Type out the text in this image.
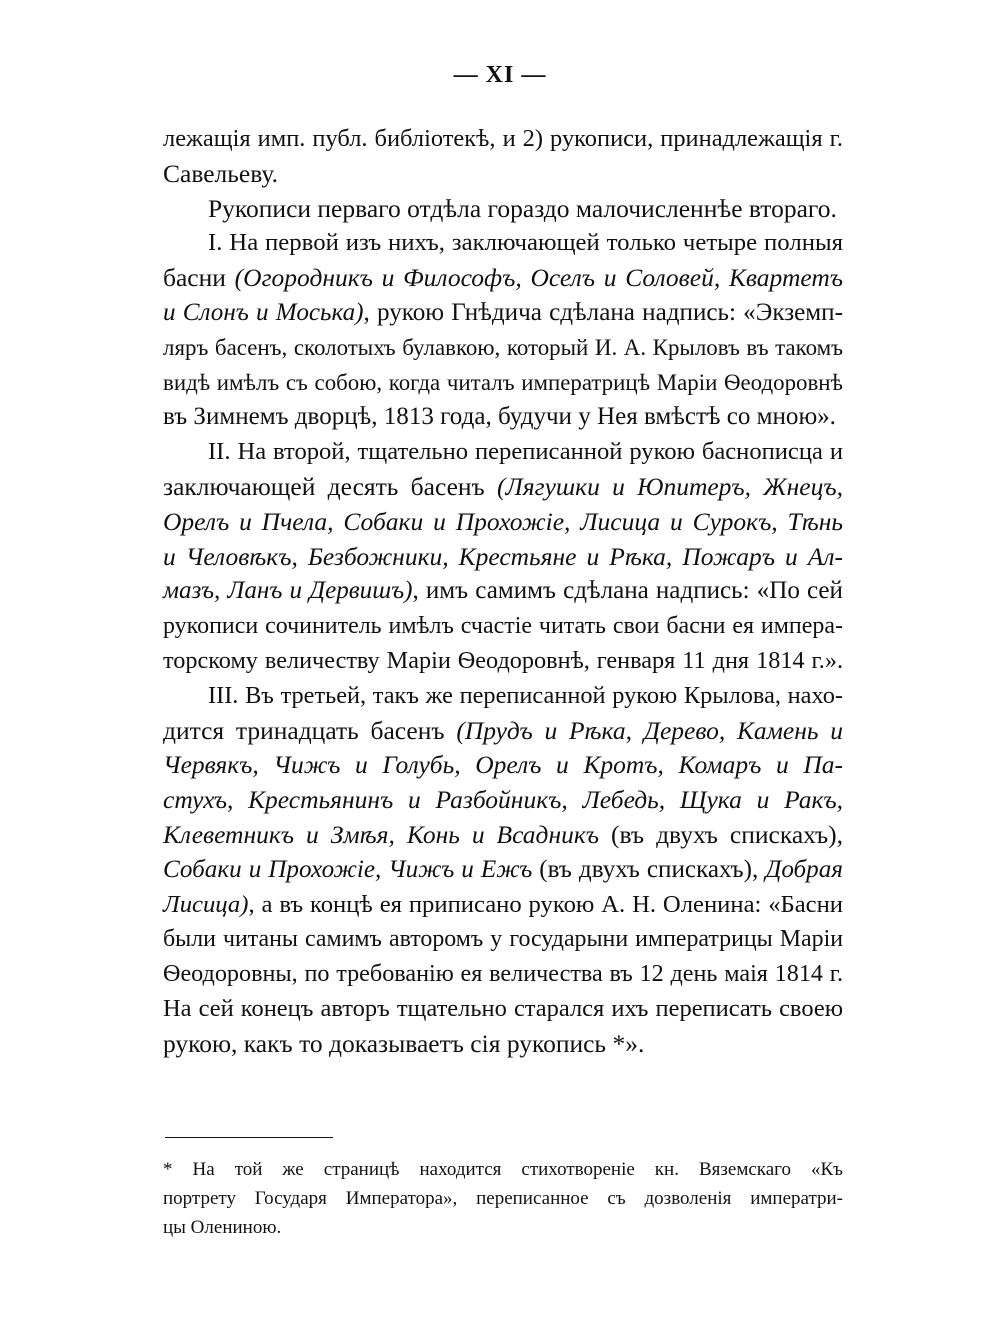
— XI —
лежащія имп. публ. библіотекѣ, и 2) рукописи, принадлежащія г.
Савельеву.
Рукописи перваго отдѣла гораздо малочисленнѣе втораго.
I. На первой изъ нихъ, заключающей только четыре полныя
басни (Огородникъ и Философъ, Оселъ и Соловей, Квартетъ
и Слонъ и Моська), рукою Гнѣдича сдѣлана надпись: «Экземп-
ляръ басенъ, сколотыхъ булавкою, который И. А. Крыловъ въ такомъ
видѣ имѣлъ съ собою, когда читалъ императрицѣ Маріи Ѳеодоровнѣ
въ Зимнемъ дворцѣ, 1813 года, будучи у Нея вмѣстѣ со мною».
II. На второй, тщательно переписанной рукою баснописца и
заключающей десять басенъ (Лягушки и Юпитеръ, Жнецъ,
Орелъ и Пчела, Собаки и Прохожіе, Лисица и Сурокъ, Тѣнь
и Человѣкъ, Безбожники, Крестьяне и Рѣка, Пожаръ и Ал-
мазъ, Ланъ и Дервишъ), имъ самимъ сдѣлана надпись: «По сей
рукописи сочинитель имѣлъ счастіе читать свои басни ея импера-
торскому величеству Маріи Ѳеодоровнѣ, генваря 11 дня 1814 г.».
III. Въ третьей, такъ же переписанной рукою Крылова, нахо-
дится тринадцать басенъ (Прудъ и Рѣка, Дерево, Камень и
Червякъ, Чижъ и Голубь, Орелъ и Кротъ, Комаръ и Па-
стухъ, Крестьянинъ и Разбойникъ, Лебедь, Щука и Ракъ,
Клеветникъ и Змѣя, Конь и Всадникъ (въ двухъ спискахъ),
Собаки и Прохожіе, Чижъ и Ежъ (въ двухъ спискахъ), Добрая
Лисица), а въ концѣ ея приписано рукою А. Н. Оленина: «Басни
были читаны самимъ авторомъ у государыни императрицы Маріи
Ѳеодоровны, по требованію ея величества въ 12 день маія 1814 г.
На сей конецъ авторъ тщательно старался ихъ переписать своею
рукою, какъ то доказываетъ сія рукопись *».
* На той же страницѣ находится стихотвореніе кн. Вяземскаго «Къ
портрету Государя Императора», переписанное съ дозволенія императри-
цы Олениною.
